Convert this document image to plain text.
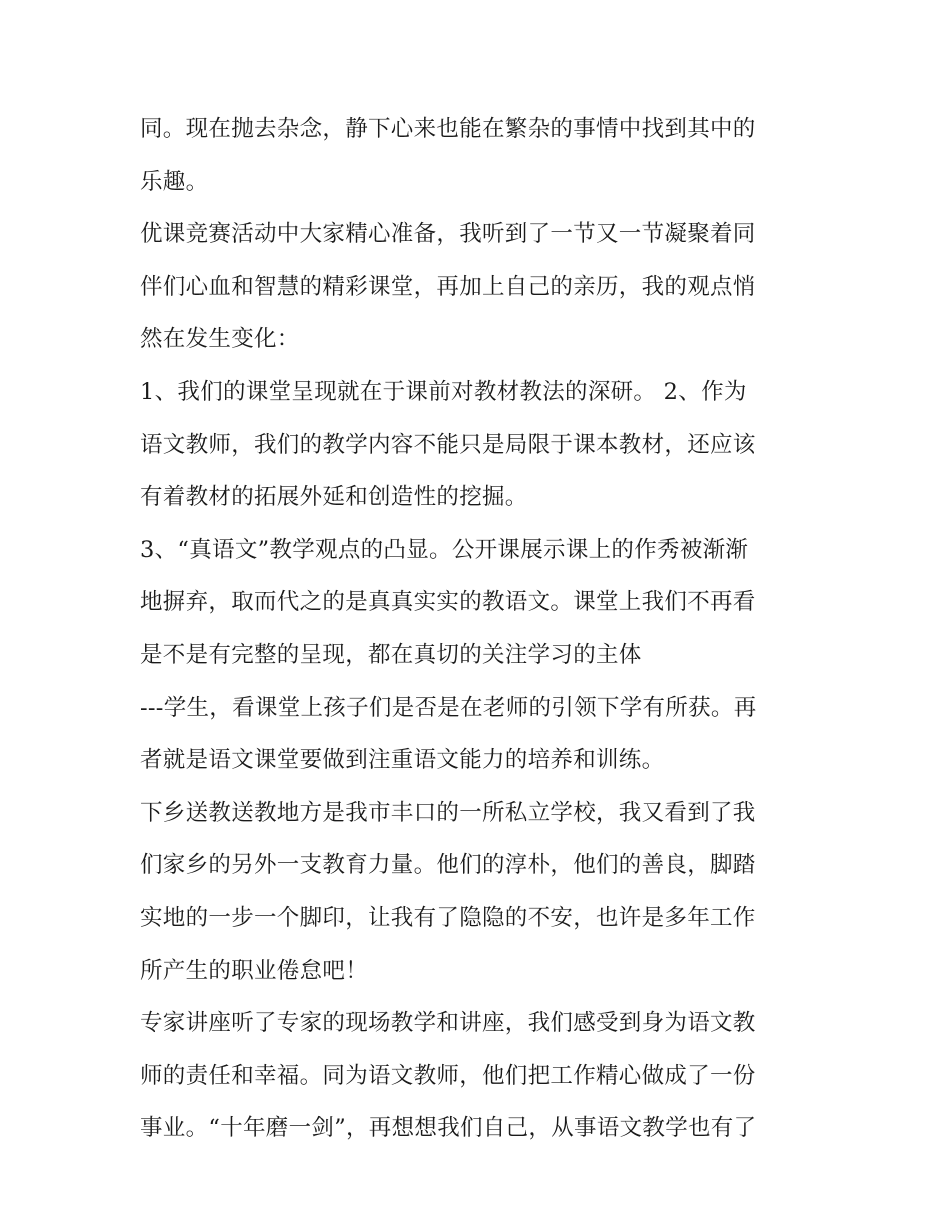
同。现在抛去杂念，静下心来也能在繁杂的事情中找到其中的
乐趣。
优课竞赛活动中大家精心准备，我听到了一节又一节凝聚着同
伴们心血和智慧的精彩课堂，再加上自己的亲历，我的观点悄
然在发生变化：
1、我们的课堂呈现就在于课前对教材教法的深研。 2、作为
语文教师，我们的教学内容不能只是局限于课本教材，还应该
有着教材的拓展外延和创造性的挖掘。
3、“真语文”教学观点的凸显。公开课展示课上的作秀被渐渐
地摒弃，取而代之的是真真实实的教语文。课堂上我们不再看
是不是有完整的呈现，都在真切的关注学习的主体
---学生，看课堂上孩子们是否是在老师的引领下学有所获。再
者就是语文课堂要做到注重语文能力的培养和训练。
下乡送教送教地方是我市丰口的一所私立学校，我又看到了我
们家乡的另外一支教育力量。他们的淳朴，他们的善良，脚踏
实地的一步一个脚印，让我有了隐隐的不安，也许是多年工作
所产生的职业倦怠吧！
专家讲座听了专家的现场教学和讲座，我们感受到身为语文教
师的责任和幸福。同为语文教师，他们把工作精心做成了一份
事业。“十年磨一剑”，再想想我们自己，从事语文教学也有了
